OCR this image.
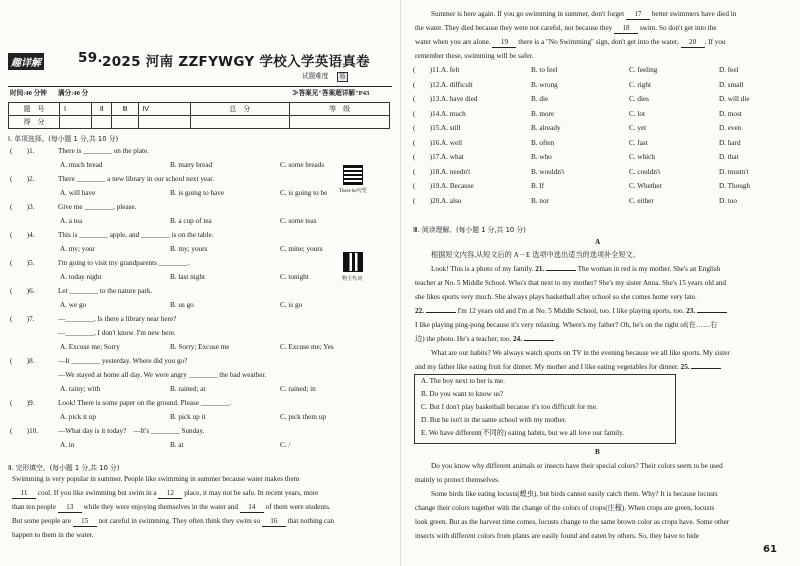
趣详解	59. 2025 河南 ZZFYWGY 学校入学英语真卷
试题难度	易
时间:40 分钟 满分:40 分	≫答案见"答案超详解"P43
题　号	Ⅰ	Ⅱ	Ⅲ	Ⅳ	总　分	等　级
得　分						
Ⅰ. 单项选择。(每小题 1 分,共 10 分)
(　　)1.	There is ________ on the plate.
A. much bread	B. many bread	C. some breads
(　　)2.	There ________ a new library in our school next year.
A. will have	B. is going to have	C. is going to be
(　　)3.	Give me ________, please.
A. a tea	B. a cup of tea	C. some teas
(　　)4.	This is ________ apple, and ________ is on the table.
A. my; your	B. my; yours	C. mine; yours
(　　)5.	I'm going to visit my grandparents ________.
A. today night	B. last night	C. tonight
(　　)6.	Let ________ to the nature park.
A. we go	B. us go	C. is go
(　　)7.	—________. Is there a library near here?
—________, I don't know. I'm new here.
A. Excuse me; Sorry	B. Sorry; Excuse me	C. Excuse me; Yes
(　　)8.	—It ________ yesterday. Where did you go?
—We stayed at home all day. We were angry ________ the bad weather.
A. rainy; with	B. rained; at	C. rained; in
(　　)9.	Look! There is some paper on the ground. Please ________.
A. pick it up	B. pick up it	C. pick them up
(　　)10.	—What day is it today?　—It's ________ Sunday.
A. in	B. at	C. /
There be句型
物主代词
Ⅱ. 完形填空。(每小题 1 分,共 10 分)
Swimming is very popular in summer. People like swimming in summer because water makes them
11 cool. If you like swimming but swim in a 12 place, it may not be safe. In recent years, more
than ten people 13 while they were enjoying themselves in the water and 14 of them were students.
But some people are 15 not careful in swimming. They often think they swim so 16 that nothing can
happen to them in the water.
Summer is here again. If you go swimming in summer, don't forget 17 better swimmers have died in
the water. They died because they were not careful, not because they 18 swim. So don't get into the
water when you are alone. 19 there is a "No Swimming" sign, don't get into the water, 20 . If you
remember these, swimming will be safer.
(　　)11. A. felt	B. to feel	C. feeling	D. feel
(　　)12. A. difficult	B. wrong	C. right	D. small
(　　)13. A. have died	B. die	C. dies	D. will die
(　　)14. A. much	B. more	C. lot	D. most
(　　)15. A. still	B. already	C. yet	D. even
(　　)16. A. well	B. often	C. fast	D. hard
(　　)17. A. what	B. who	C. which	D. that
(　　)18. A. needn't	B. wouldn't	C. couldn't	D. mustn't
(　　)19. A. Because	B. If	C. Whether	D. Though
(　　)20. A. also	B. nor	C. either	D. too
Ⅲ. 阅读理解。(每小题 1 分,共 10 分)
A
根据短文内容,从短文后的 A－E 选项中选出适当的选项补全短文。
Look! This is a photo of my family. 21.	The woman in red is my mother. She's an English
teacher at No. 5 Middle School. Who's that next to my mother? She's my sister Anna. She's 15 years old and
she likes sports very much. She always plays basketball after school so she comes home very late.
22.	I'm 12 years old and I'm at No. 5 Middle School, too. I like playing sports, too. 23.
I like playing ping-pong because it's very relaxing. Where's my father? Oh, he's on the right of(在……右
边) the photo. He's a teacher, too. 24.
What are our habits? We always watch sports on TV in the evening because we all like sports. My sister
and my father like eating fruit for dinner. My mother and I like eating vegetables for dinner. 25.
A. The boy next to her is me.
B. Do you want to know us?
C. But I don't play basketball because it's too difficult for me.
D. But he isn't in the same school with my mother.
E. We have different(不同的) eating habits, but we all love our family.
B
Do you know why different animals or insects have their special colors? Their colors seem to be used
mainly to protect themselves.
Some birds like eating locusts(蝗虫), but birds cannot easily catch them. Why? It is because locusts
change their colors together with the change of the colors of crops(庄稼). When crops are green, locusts
look green. But as the harvest time comes, locusts change to the same brown color as crops have. Some other
insects with different colors from plants are easily found and eaten by others. So, they have to hide
61
